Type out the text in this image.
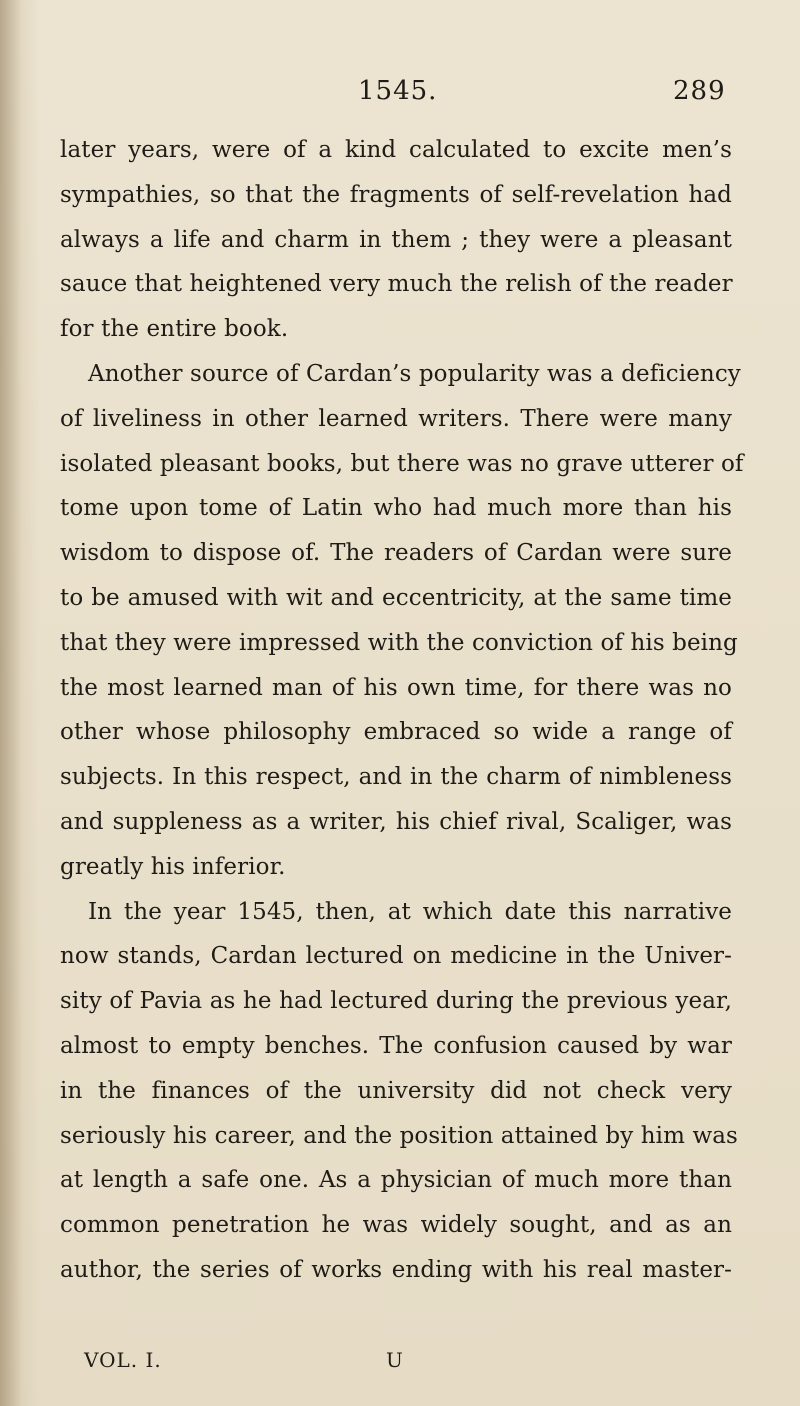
1545.	289
later years, were of a kind calculated to excite men’s
sympathies, so that the fragments of self-revelation had
always a life and charm in them ; they were a pleasant
sauce that heightened very much the relish of the reader
for the entire book.
Another source of Cardan’s popularity was a deficiency
of liveliness in other learned writers. There were many
isolated pleasant books, but there was no grave utterer of
tome upon tome of Latin who had much more than his
wisdom to dispose of. The readers of Cardan were sure
to be amused with wit and eccentricity, at the same time
that they were impressed with the conviction of his being
the most learned man of his own time, for there was no
other whose philosophy embraced so wide a range of
subjects. In this respect, and in the charm of nimbleness
and suppleness as a writer, his chief rival, Scaliger, was
greatly his inferior.
In the year 1545, then, at which date this narrative
now stands, Cardan lectured on medicine in the Univer-
sity of Pavia as he had lectured during the previous year,
almost to empty benches. The confusion caused by war
in the finances of the university did not check very
seriously his career, and the position attained by him was
at length a safe one. As a physician of much more than
common penetration he was widely sought, and as an
author, the series of works ending with his real master-
VOL. I.	U
